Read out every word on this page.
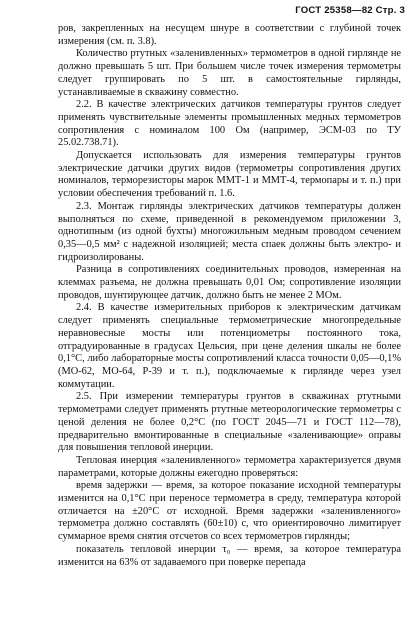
ГОСТ 25358—82 Стр. 3

ров, закрепленных на несущем шнуре в соответствии с глубиной точек измерения (см. п. 3.8).

Количество ртутных «заленивленных» термометров в одной гирлянде не должно превышать 5 шт. При большем числе точек измерения термометры следует группировать по 5 шт. в самостоятельные гирлянды, устанавливаемые в скважину совместно.

2.2. В качестве электрических датчиков температуры грунтов следует применять чувствительные элементы промышленных медных термометров сопротивления с номиналом 100 Ом (например, ЭСМ-03 по ТУ 25.02.738.71).

Допускается использовать для измерения температуры грунтов электрические датчики других видов (термометры сопротивления других номиналов, терморезисторы марок ММТ-1 и ММТ-4, термопары и т. п.) при условии обеспечения требований п. 1.6.

2.3. Монтаж гирлянды электрических датчиков температуры должен выполняться по схеме, приведенной в рекомендуемом приложении 3, однотипным (из одной бухты) многожильным медным проводом сечением 0,35—0,5 мм² с надежной изоляцией; места спаек должны быть электро- и гидроизолированы.

Разница в сопротивлениях соединительных проводов, измеренная на клеммах разъема, не должна превышать 0,01 Ом; сопротивление изоляции проводов, шунтирующее датчик, должно быть не менее 2 МОм.

2.4. В качестве измерительных приборов к электрическим датчикам следует применять специальные термометрические многопредельные неравновесные мосты или потенциометры постоянного тока, отградуированные в градусах Цельсия, при цене деления шкалы не более 0,1°С, либо лабораторные мосты сопротивлений класса точности 0,05—0,1% (МО-62, МО-64, Р-39 и т. п.), подключаемые к гирлянде через узел коммутации.

2.5. При измерении температуры грунтов в скважинах ртутными термометрами следует применять ртутные метеорологические термометры с ценой деления не более 0,2°С (по ГОСТ 2045—71 и ГОСТ 112—78), предварительно вмонтированные в специальные «заленивающие» оправы для повышения тепловой инерции.

Тепловая инерция «заленивленного» термометра характеризуется двумя параметрами, которые должны ежегодно проверяться:

время задержки — время, за которое показание исходной температуры изменится на 0,1°С при переносе термометра в среду, температура которой отличается на ±20°С от исходной. Время задержки «заленивленного» термометра должно составлять (60±10) с, что ориентировочно лимитирует суммарное время снятия отсчетов со всех термометров гирлянды;

показатель тепловой инерции τ₀ — время, за которое температура изменится на 63% от задаваемого при поверке перепада
